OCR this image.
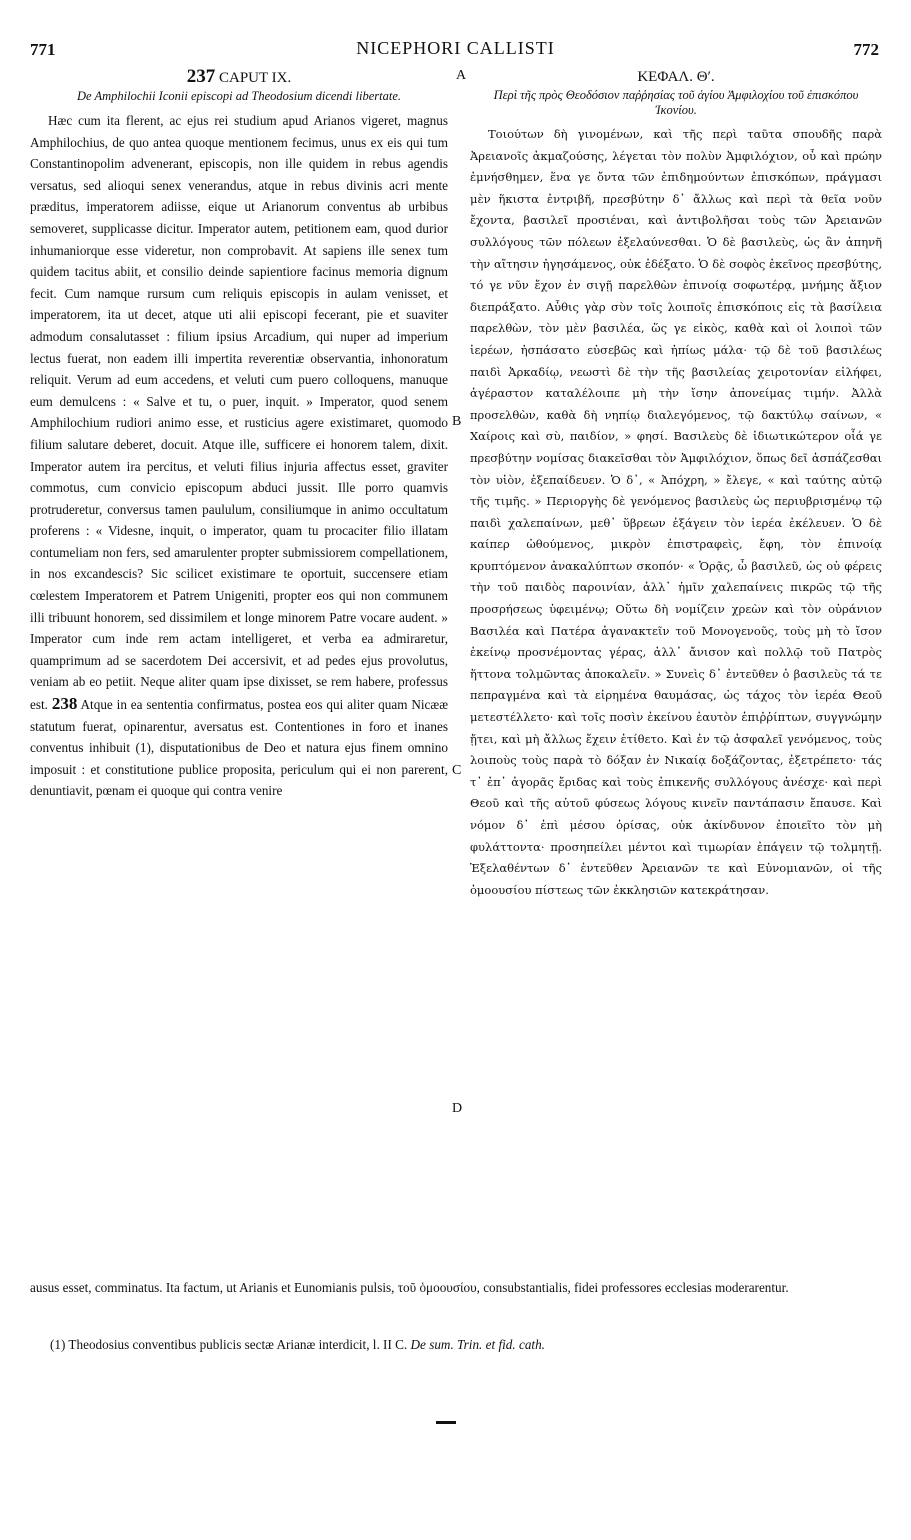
771	NICEPHORI CALLISTI	772
A
B
C
D
237 CAPUT IX.
De Amphilochii Iconii episcopi ad Theodosium dicendi libertate.

Hæc cum ita flerent, ac ejus rei studium apud Arianos vigeret, magnus Amphilochius, de quo antea quoque mentionem fecimus, unus ex eis qui tum Constantinopolim advenerant, episcopis, non ille quidem in rebus agendis versatus, sed alioqui senex venerandus, atque in rebus divinis acri mente præditus, imperatorem adiisse, eique ut Arianorum conventus ab urbibus semoveret, supplicasse dicitur. Imperator autem, petitionem eam, quod durior inhumaniorque esse videretur, non comprobavit. At sapiens ille senex tum quidem tacitus abiit, et consilio deinde sapientiore facinus memoria dignum fecit. Cum namque rursum cum reliquis episcopis in aulam venisset, et imperatorem, ita ut decet, atque uti alii episcopi fecerant, pie et suaviter admodum consalutasset : filium ipsius Arcadium, qui nuper ad imperium lectus fuerat, non eadem illi impertita reverentiæ observantia, inhonoratum reliquit. Verum ad eum accedens, et veluti cum puero colloquens, manuque eum demulcens : « Salve et tu, o puer, inquit. » Imperator, quod senem Amphilochium rudiori animo esse, et rusticius agere existimaret, quomodo filium salutare deberet, docuit. Atque ille, sufficere ei honorem talem, dixit. Imperator autem ira percitus, et veluti filius injuria affectus esset, graviter commotus, cum convicio episcopum abduci jussit. Ille porro quamvis protruderetur, conversus tamen paululum, consiliumque in animo occultatum proferens : « Videsne, inquit, o imperator, quam tu procaciter filio illatam contumeliam non fers, sed amarulenter propter submissiorem compellationem, in nos excandescis? Sic scilicet existimare te oportuit, succensere etiam cœlestem Imperatorem et Patrem Unigeniti, propter eos qui non communem illi tribuunt honorem, sed dissimilem et longe minorem Patre vocare audent. » Imperator cum inde rem actam intelligeret, et verba ea admiraretur, quamprimum ad se sacerdotem Dei accersivit, et ad pedes ejus provolutus, veniam ab eo petiit. Neque aliter quam ipse dixisset, se rem habere, professus est. 238 Atque in ea sententia confirmatus, postea eos qui aliter quam Nicææ statutum fuerat, opinarentur, aversatus est. Contentiones in foro et inanes conventus inhibuit (1), disputationibus de Deo et natura ejus finem omnino imposuit : et constitutione publice proposita, periculum qui ei non parerent, denuntiavit, pœnam ei quoque qui contra venire

ΚΕΦΑΛ. Θʹ.
Περὶ τῆς πρὸς Θεοδόσιον παῤῥησίας τοῦ ἁγίου Ἀμφιλοχίου τοῦ ἐπισκόπου Ἰκονίου.

Τοιούτων δὴ γινομένων, καὶ τῆς περὶ ταῦτα σπουδῆς παρὰ Ἀρειανοῖς ἀκμαζούσης, λέγεται τὸν πολὺν Ἀμφιλόχιον, οὗ καὶ πρώην ἐμνήσθημεν, ἕνα γε ὄντα τῶν ἐπιδημούντων ἐπισκόπων, πράγμασι μὲν ἥκιστα ἐντριβῆ, πρεσβύτην δ᾽ ἄλλως καὶ περὶ τὰ θεῖα νοῦν ἔχοντα, βασιλεῖ προσιέναι, καὶ ἀντιβολῆσαι τοὺς τῶν Ἀρειανῶν συλλόγους τῶν πόλεων ἐξελαύνεσθαι. Ὁ δὲ βασιλεὺς, ὡς ἂν ἀπηνῆ τὴν αἴτησιν ἡγησάμενος, οὐκ ἐδέξατο. Ὁ δὲ σοφὸς ἐκεῖνος πρεσβύτης, τό γε νῦν ἔχον ἐν σιγῇ παρελθὼν ἐπινοίᾳ σοφωτέρᾳ, μνήμης ἄξιον διεπράξατο. Αὖθις γὰρ σὺν τοῖς λοιποῖς ἐπισκόποις εἰς τὰ βασίλεια παρελθὼν, τὸν μὲν βασιλέα, ὥς γε εἰκὸς, καθὰ καὶ οἱ λοιποὶ τῶν ἱερέων, ἠσπάσατο εὐσεβῶς καὶ ἠπίως μάλα· τῷ δὲ τοῦ βασιλέως παιδὶ Ἀρκαδίῳ, νεωστὶ δὲ τὴν τῆς βασιλείας χειροτονίαν εἰλήφει, ἀγέραστον καταλέλοιπε μὴ τὴν ἴσην ἀπονείμας τιμήν. Ἀλλὰ προσελθὼν, καθὰ δὴ νηπίῳ διαλεγόμενος, τῷ δακτύλῳ σαίνων, « Χαίροις καὶ σὺ, παιδίον, » φησί. Βασιλεὺς δὲ ἰδιωτικώτερον οἷά γε πρεσβύτην νομίσας διακεῖσθαι τὸν Ἀμφιλόχιον, ὅπως δεῖ ἀσπάζεσθαι τὸν υἱὸν, ἐξεπαίδευεν. Ὁ δ᾽, « Ἀπόχρη, » ἔλεγε, « καὶ ταύτης αὐτῷ τῆς τιμῆς. » Περιοργὴς δὲ γενόμενος βασιλεὺς ὡς περιυβρισμένῳ τῷ παιδὶ χαλεπαίνων, μεθ᾽ ὕβρεων ἐξάγειν τὸν ἱερέα ἐκέλευεν. Ὁ δὲ καίπερ ὠθούμενος, μικρὸν ἐπιστραφεὶς, ἔφη, τὸν ἐπινοίᾳ κρυπτόμενον ἀνακαλύπτων σκοπόν· « Ὁρᾷς, ὦ βασιλεῦ, ὡς οὐ φέρεις τὴν τοῦ παιδὸς παροινίαν, ἀλλ᾽ ἡμῖν χαλεπαίνεις πικρῶς τῷ τῆς προσρήσεως ὑφειμένῳ; Οὕτω δὴ νομίζειν χρεὼν καὶ τὸν οὐράνιον Βασιλέα καὶ Πατέρα ἀγανακτεῖν τοῦ Μονογενοῦς, τοὺς μὴ τὸ ἴσον ἐκείνῳ προσνέμοντας γέρας, ἀλλ᾽ ἄνισον καὶ πολλῷ τοῦ Πατρὸς ἥττονα τολμῶντας ἀποκαλεῖν. » Συνεὶς δ᾽ ἐντεῦθεν ὁ βασιλεὺς τά τε πεπραγμένα καὶ τὰ εἰρημένα θαυμάσας, ὡς τάχος τὸν ἱερέα Θεοῦ μετεστέλλετο· καὶ τοῖς ποσὶν ἐκείνου ἑαυτὸν ἐπιῤῥίπτων, συγγνώμην ᾔτει, καὶ μὴ ἄλλως ἔχειν ἐτίθετο. Καὶ ἐν τῷ ἀσφαλεῖ γενόμενος, τοὺς λοιποὺς τοὺς παρὰ τὸ δόξαν ἐν Νικαίᾳ δοξάζοντας, ἐξετρέπετο· τάς τ᾽ ἐπ᾽ ἀγορᾶς ἔριδας καὶ τοὺς ἐπικενῆς συλλόγους ἀνέσχε· καὶ περὶ Θεοῦ καὶ τῆς αὐτοῦ φύσεως λόγους κινεῖν παντάπασιν ἔπαυσε. Καὶ νόμον δ᾽ ἐπὶ μέσου ὁρίσας, οὐκ ἀκίνδυνον ἐποιεῖτο τὸν μὴ φυλάττοντα· προσηπείλει μέντοι καὶ τιμωρίαν ἐπάγειν τῷ τολμητῇ. Ἐξελαθέντων δ᾽ ἐντεῦθεν Ἀρειανῶν τε καὶ Εὐνομιανῶν, οἱ τῆς ὁμοουσίου πίστεως τῶν ἐκκλησιῶν κατεκράτησαν.

ausus esset, comminatus. Ita factum, ut Arianis et Eunomianis pulsis, τοῦ ὁμοουσίου, consubstantialis, fidei professores ecclesias moderarentur.

(1) Theodosius conventibus publicis sectæ Arianæ interdicit, l. II C. De sum. Trin. et fid. cath.
